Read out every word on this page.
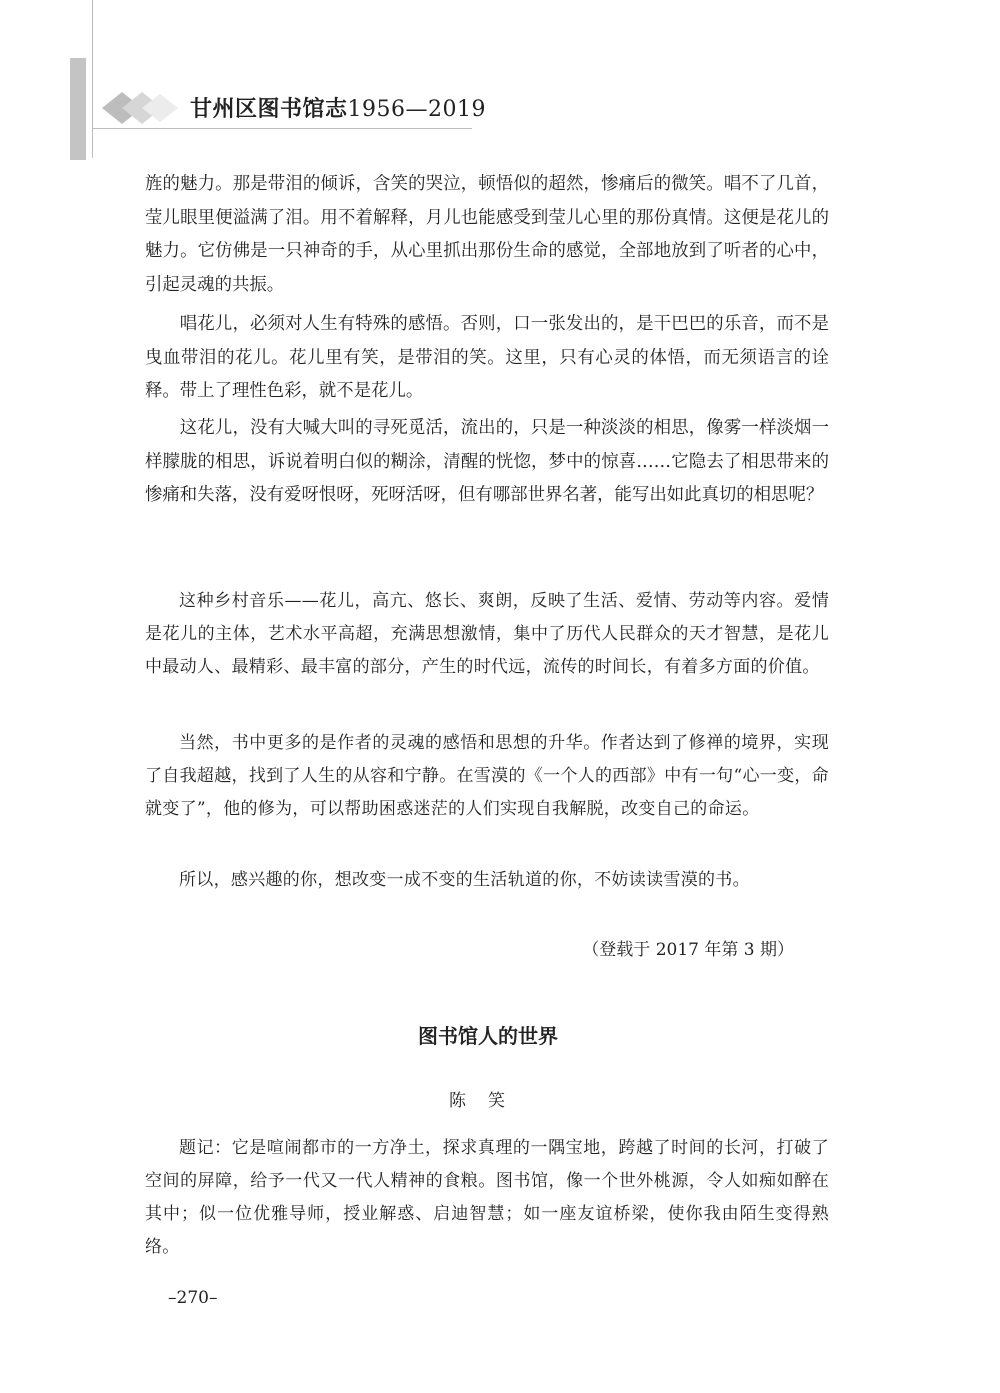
甘州区图书馆志1956—2019

旌的魅力。那是带泪的倾诉，含笑的哭泣，顿悟似的超然，惨痛后的微笑。唱不了几首，莹儿眼里便溢满了泪。用不着解释，月儿也能感受到莹儿心里的那份真情。这便是花儿的魅力。它仿佛是一只神奇的手，从心里抓出那份生命的感觉，全部地放到了听者的心中，引起灵魂的共振。

唱花儿，必须对人生有特殊的感悟。否则，口一张发出的，是干巴巴的乐音，而不是曳血带泪的花儿。花儿里有笑，是带泪的笑。这里，只有心灵的体悟，而无须语言的诠释。带上了理性色彩，就不是花儿。

这花儿，没有大喊大叫的寻死觅活，流出的，只是一种淡淡的相思，像雾一样淡烟一样朦胧的相思，诉说着明白似的糊涂，清醒的恍惚，梦中的惊喜……它隐去了相思带来的惨痛和失落，没有爱呀恨呀，死呀活呀，但有哪部世界名著，能写出如此真切的相思呢？

这种乡村音乐——花儿，高亢、悠长、爽朗，反映了生活、爱情、劳动等内容。爱情是花儿的主体，艺术水平高超，充满思想激情，集中了历代人民群众的天才智慧，是花儿中最动人、最精彩、最丰富的部分，产生的时代远，流传的时间长，有着多方面的价值。

当然，书中更多的是作者的灵魂的感悟和思想的升华。作者达到了修禅的境界，实现了自我超越，找到了人生的从容和宁静。在雪漠的《一个人的西部》中有一句“心一变，命就变了”，他的修为，可以帮助困惑迷茫的人们实现自我解脱，改变自己的命运。

所以，感兴趣的你，想改变一成不变的生活轨道的你，不妨读读雪漠的书。

（登载于 2017 年第 3 期）
图书馆人的世界
陈笑

题记：它是喧闹都市的一方净土，探求真理的一隅宝地，跨越了时间的长河，打破了空间的屏障，给予一代又一代人精神的食粮。图书馆，像一个世外桃源，令人如痴如醉在其中；似一位优雅导师，授业解惑、启迪智慧；如一座友谊桥梁，使你我由陌生变得熟络。

–270–
